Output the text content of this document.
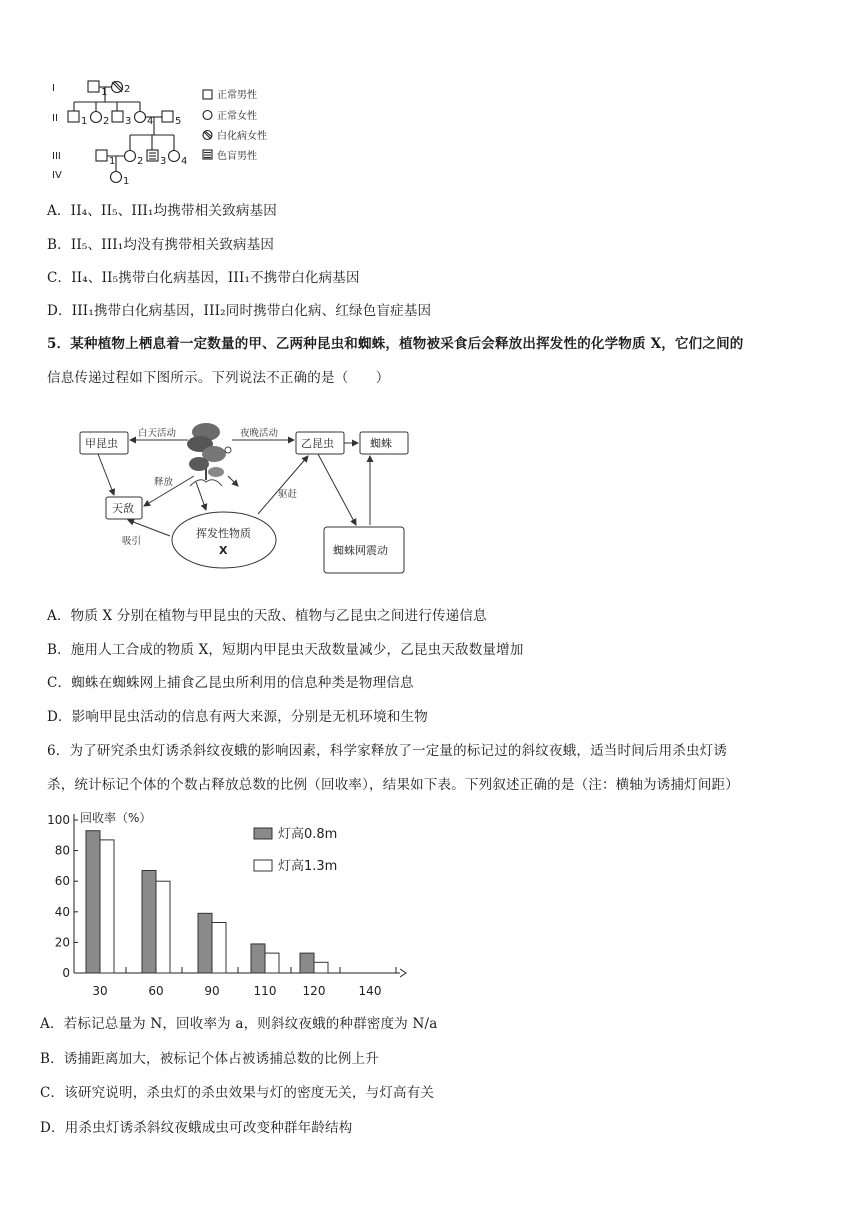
I
II
III
IV
1 2
1 2 3 4 5
1 2 3 4
1
正常男性
正常女性
白化病女性
色盲男性
A．II₄、II₅、III₁均携带相关致病基因
B．II₅、III₁均没有携带相关致病基因
C．II₄、II₅携带白化病基因，III₁不携带白化病基因
D．III₁携带白化病基因，III₂同时携带白化病、红绿色盲症基因
5．某种植物上栖息着一定数量的甲、乙两种昆虫和蜘蛛，植物被采食后会释放出挥发性的化学物质 X，它们之间的
信息传递过程如下图所示。下列说法不正确的是（　　）
甲昆虫	乙昆虫	蜘蛛
天敌
挥发性物质
X	蜘蛛网震动
白天活动	夜晚活动
释放
吸引
驱赶
A．物质 X 分别在植物与甲昆虫的天敌、植物与乙昆虫之间进行传递信息
B．施用人工合成的物质 X，短期内甲昆虫天敌数量减少，乙昆虫天敌数量增加
C．蜘蛛在蜘蛛网上捕食乙昆虫所利用的信息种类是物理信息
D．影响甲昆虫活动的信息有两大来源，分别是无机环境和生物
6．为了研究杀虫灯诱杀斜纹夜蛾的影响因素，科学家释放了一定量的标记过的斜纹夜蛾，适当时间后用杀虫灯诱
杀，统计标记个体的个数占释放总数的比例（回收率），结果如下表。下列叙述正确的是（注：横轴为诱捕灯间距）
0
20
40
60
80
100 回收率（%）
30	60	90	110 120	140
灯高0.8m
灯高1.3m
A．若标记总量为 N，回收率为 a，则斜纹夜蛾的种群密度为 N/a
B．诱捕距离加大，被标记个体占被诱捕总数的比例上升
C．该研究说明，杀虫灯的杀虫效果与灯的密度无关，与灯高有关
D．用杀虫灯诱杀斜纹夜蛾成虫可改变种群年龄结构
